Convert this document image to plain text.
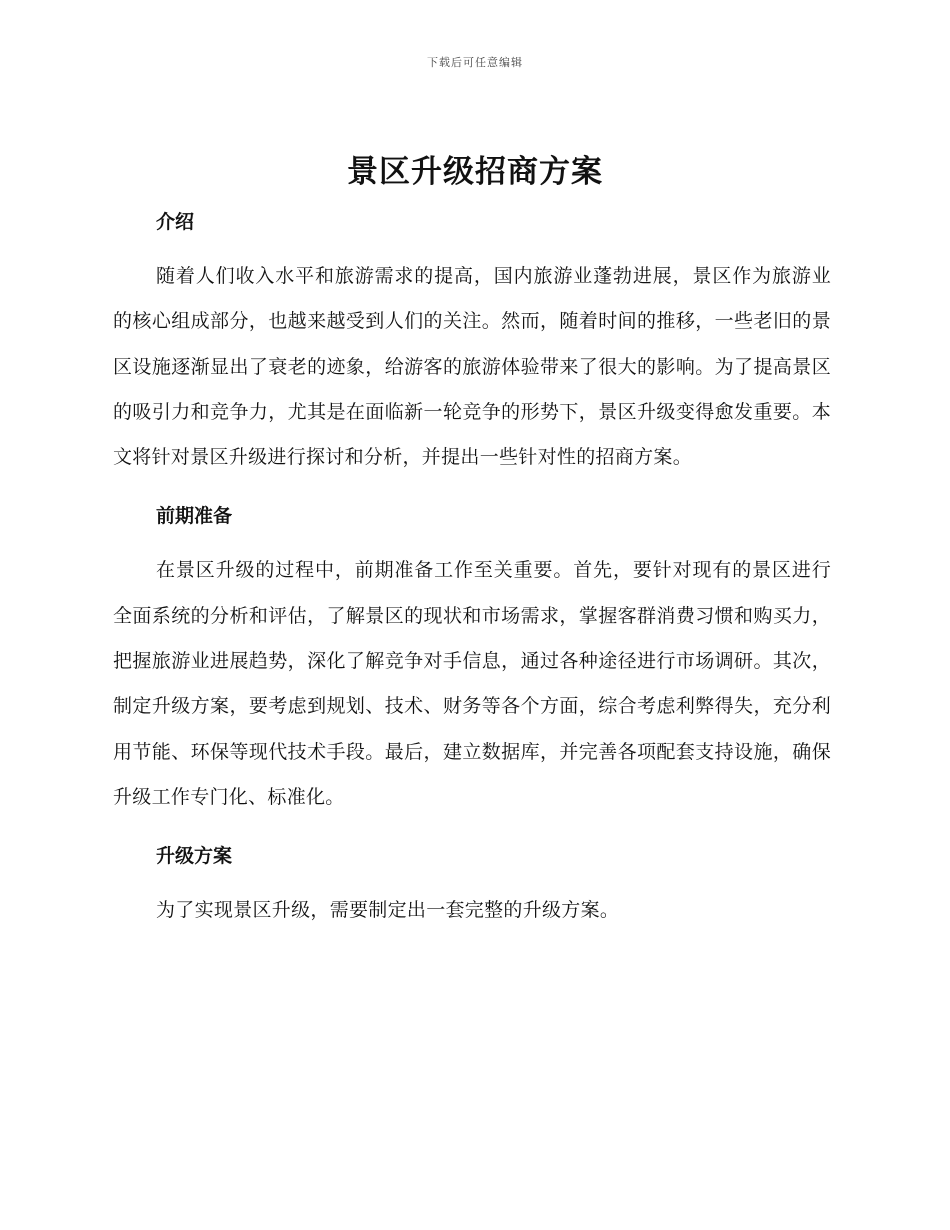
下载后可任意编辑
景区升级招商方案
介绍

随着人们收入水平和旅游需求的提高，国内旅游业蓬勃进展，景区作为旅游业的核心组成部分，也越来越受到人们的关注。然而，随着时间的推移，一些老旧的景区设施逐渐显出了衰老的迹象，给游客的旅游体验带来了很大的影响。为了提高景区的吸引力和竞争力，尤其是在面临新一轮竞争的形势下，景区升级变得愈发重要。本文将针对景区升级进行探讨和分析，并提出一些针对性的招商方案。

前期准备

在景区升级的过程中，前期准备工作至关重要。首先，要针对现有的景区进行全面系统的分析和评估，了解景区的现状和市场需求，掌握客群消费习惯和购买力，把握旅游业进展趋势，深化了解竞争对手信息，通过各种途径进行市场调研。其次，制定升级方案，要考虑到规划、技术、财务等各个方面，综合考虑利弊得失，充分利用节能、环保等现代技术手段。最后，建立数据库，并完善各项配套支持设施，确保升级工作专门化、标准化。

升级方案

为了实现景区升级，需要制定出一套完整的升级方案。
